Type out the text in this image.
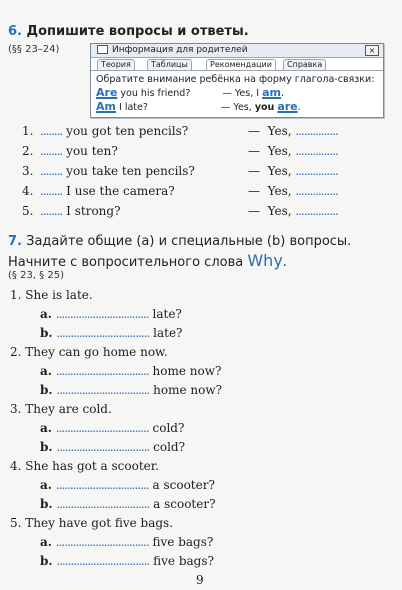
6. Допишите вопросы и ответы.
(§§ 23–24)	Информация для родителей	×
Теория	Таблицы	Рекомендации	Справка
Обратите внимание ребёнка на форму глагола-связки:
Are you his friend?	— Yes, I am.
Am I late?	— Yes, you are.
1. ........ you got ten pencils?	— Yes, ...............
2. ........ you ten?	— Yes, ...............
3. ........ you take ten pencils?	— Yes, ...............
4. ........ I use the camera?	— Yes, ...............
5. ........ I strong?	— Yes, ...............
7. Задайте общие (a) и специальные (b) вопросы.
Начните с вопросительного слова Why.
(§ 23, § 25)
1. She is late.
a. ................................. late?
b. ................................. late?
2. They can go home now.
a. ................................. home now?
b. ................................. home now?
3. They are cold.
a. ................................. cold?
b. ................................. cold?
4. She has got a scooter.
a. ................................. a scooter?
b. ................................. a scooter?
5. They have got five bags.
a. ................................. five bags?
b. ................................. five bags?
9
